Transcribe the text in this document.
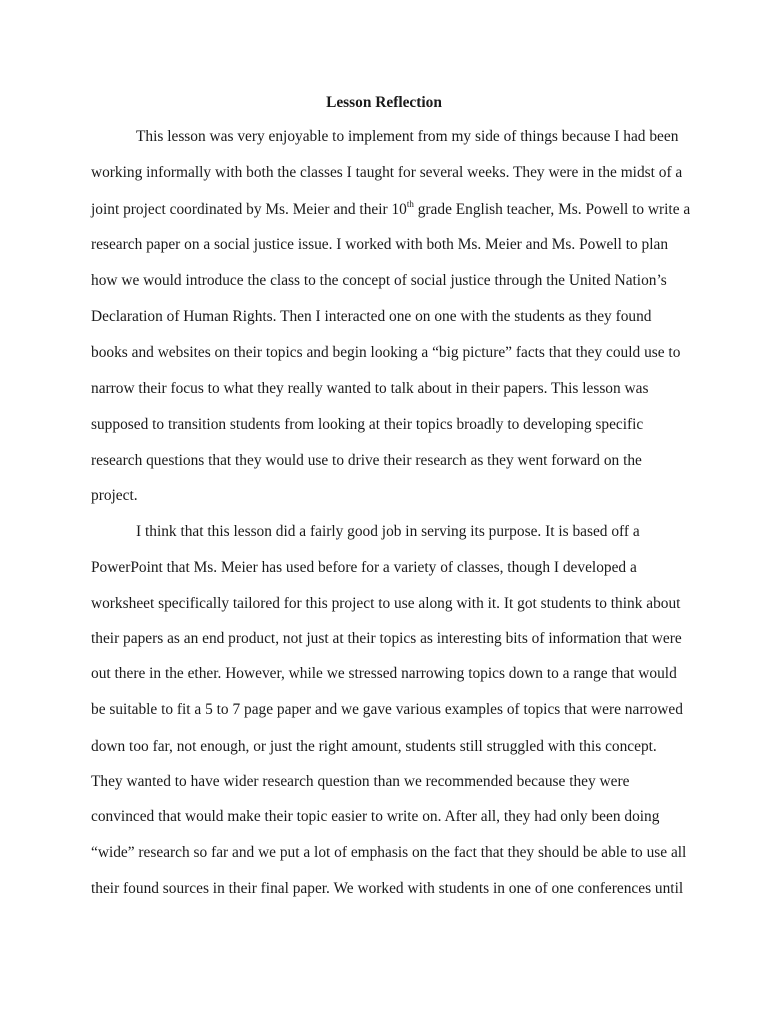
Lesson Reflection
This lesson was very enjoyable to implement from my side of things because I had been
working informally with both the classes I taught for several weeks. They were in the midst of a
joint project coordinated by Ms. Meier and their 10th grade English teacher, Ms. Powell to write a
research paper on a social justice issue. I worked with both Ms. Meier and Ms. Powell to plan
how we would introduce the class to the concept of social justice through the United Nation’s
Declaration of Human Rights. Then I interacted one on one with the students as they found
books and websites on their topics and begin looking a “big picture” facts that they could use to
narrow their focus to what they really wanted to talk about in their papers. This lesson was
supposed to transition students from looking at their topics broadly to developing specific
research questions that they would use to drive their research as they went forward on the
project.
I think that this lesson did a fairly good job in serving its purpose. It is based off a
PowerPoint that Ms. Meier has used before for a variety of classes, though I developed a
worksheet specifically tailored for this project to use along with it. It got students to think about
their papers as an end product, not just at their topics as interesting bits of information that were
out there in the ether. However, while we stressed narrowing topics down to a range that would
be suitable to fit a 5 to 7 page paper and we gave various examples of topics that were narrowed
down too far, not enough, or just the right amount, students still struggled with this concept.
They wanted to have wider research question than we recommended because they were
convinced that would make their topic easier to write on. After all, they had only been doing
“wide” research so far and we put a lot of emphasis on the fact that they should be able to use all
their found sources in their final paper. We worked with students in one of one conferences until
